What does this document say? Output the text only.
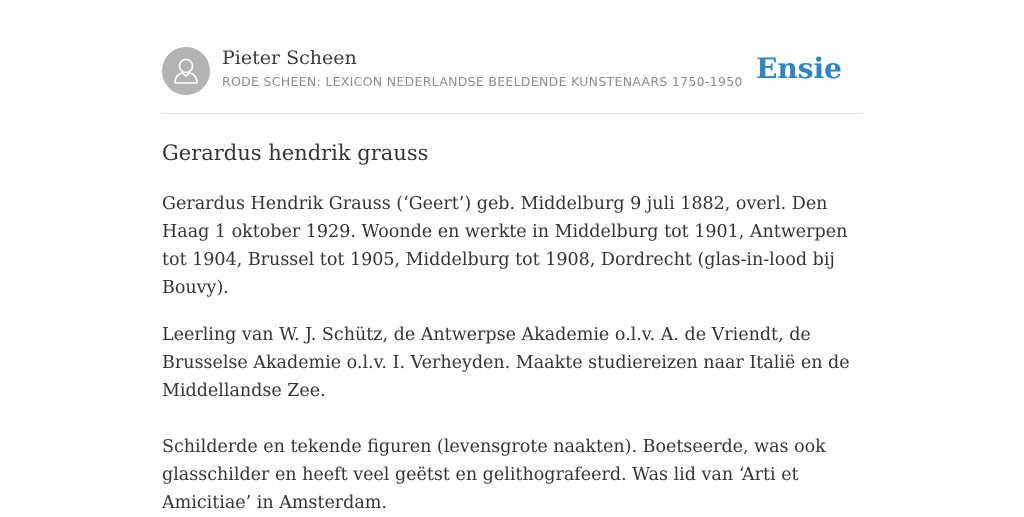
Pieter Scheen
RODE SCHEEN: LEXICON NEDERLANDSE BEELDENDE KUNSTENAARS 1750-1950 Ensie
Gerardus hendrik grauss

Gerardus Hendrik Grauss (‘Geert’) geb. Middelburg 9 juli 1882, overl. Den Haag 1 oktober 1929. Woonde en werkte in Middelburg tot 1901, Antwerpen tot 1904, Brussel tot 1905, Middelburg tot 1908, Dordrecht (glas-in-lood bij Bouvy).

Leerling van W. J. Schütz, de Antwerpse Akademie o.l.v. A. de Vriendt, de Brusselse Akademie o.l.v. I. Verheyden. Maakte studiereizen naar Italië en de Middellandse Zee.

Schilderde en tekende figuren (levensgrote naakten). Boetseerde, was ook glasschilder en heeft veel geëtst en gelithografeerd. Was lid van ‘Arti et Amicitiae’ in Amsterdam.
